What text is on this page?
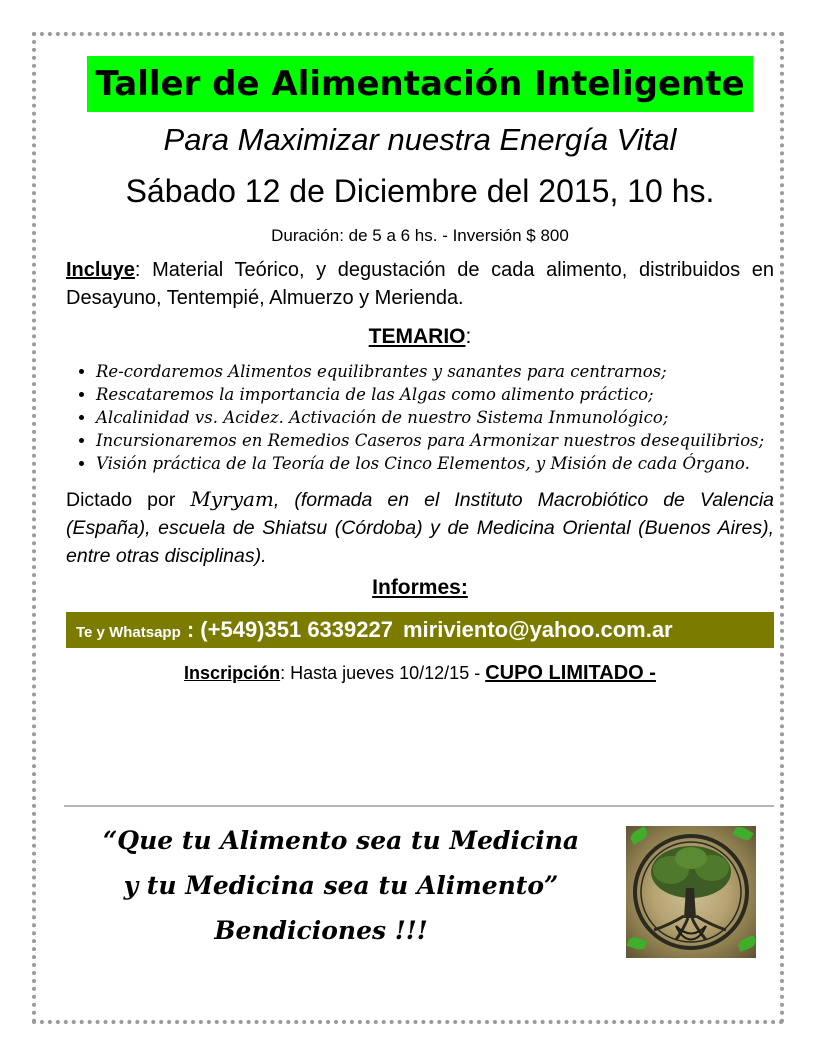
Taller de Alimentación Inteligente
Para Maximizar nuestra Energía Vital
Sábado 12 de Diciembre del 2015, 10 hs.
Duración: de 5 a 6 hs. - Inversión $ 800
Incluye: Material Teórico, y degustación de cada alimento, distribuidos en Desayuno, Tentempié, Almuerzo y Merienda.
TEMARIO:
• Re-cordaremos Alimentos equilibrantes y sanantes para centrarnos;
• Rescataremos la importancia de las Algas como alimento práctico;
• Alcalinidad vs. Acidez. Activación de nuestro Sistema Inmunológico;
• Incursionaremos en Remedios Caseros para Armonizar nuestros desequilibrios;
• Visión práctica de la Teoría de los Cinco Elementos, y Misión de cada Órgano.
Dictado por Myryam, (formada en el Instituto Macrobiótico de Valencia (España), escuela de Shiatsu (Córdoba) y de Medicina Oriental (Buenos Aires), entre otras disciplinas).
Informes:
Te y Whatsapp : (+549)351 6339227 miriviento@yahoo.com.ar
Inscripción: Hasta jueves 10/12/15 - CUPO LIMITADO -
“Que tu Alimento sea tu Medicina
y tu Medicina sea tu Alimento”
Bendiciones !!!
